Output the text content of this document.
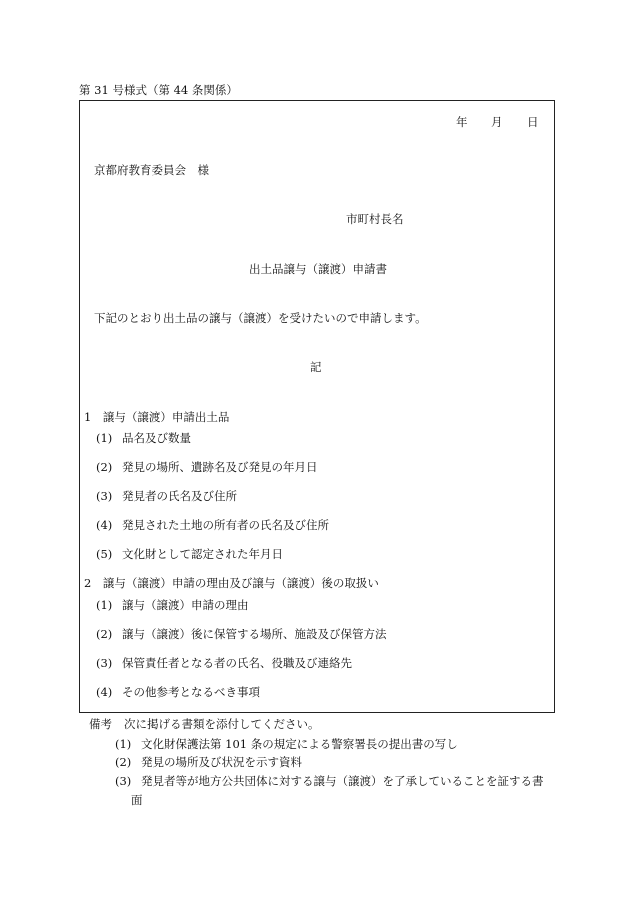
第 31 号様式（第 44 条関係）
年 月 日
京都府教育委員会　様
市町村長名
出土品譲与（譲渡）申請書
下記のとおり出土品の譲与（譲渡）を受けたいので申請します。
記
1　譲与（譲渡）申請出土品
(1) 品名及び数量
(2) 発見の場所、遺跡名及び発見の年月日
(3) 発見者の氏名及び住所
(4) 発見された土地の所有者の氏名及び住所
(5) 文化財として認定された年月日
2　譲与（譲渡）申請の理由及び譲与（譲渡）後の取扱い
(1) 譲与（譲渡）申請の理由
(2) 譲与（譲渡）後に保管する場所、施設及び保管方法
(3) 保管責任者となる者の氏名、役職及び連絡先
(4) その他参考となるべき事項
備考 次に掲げる書類を添付してください。
(1) 文化財保護法第 101 条の規定による警察署長の提出書の写し
(2) 発見の場所及び状況を示す資料
(3) 発見者等が地方公共団体に対する譲与（譲渡）を了承していることを証する書
面
